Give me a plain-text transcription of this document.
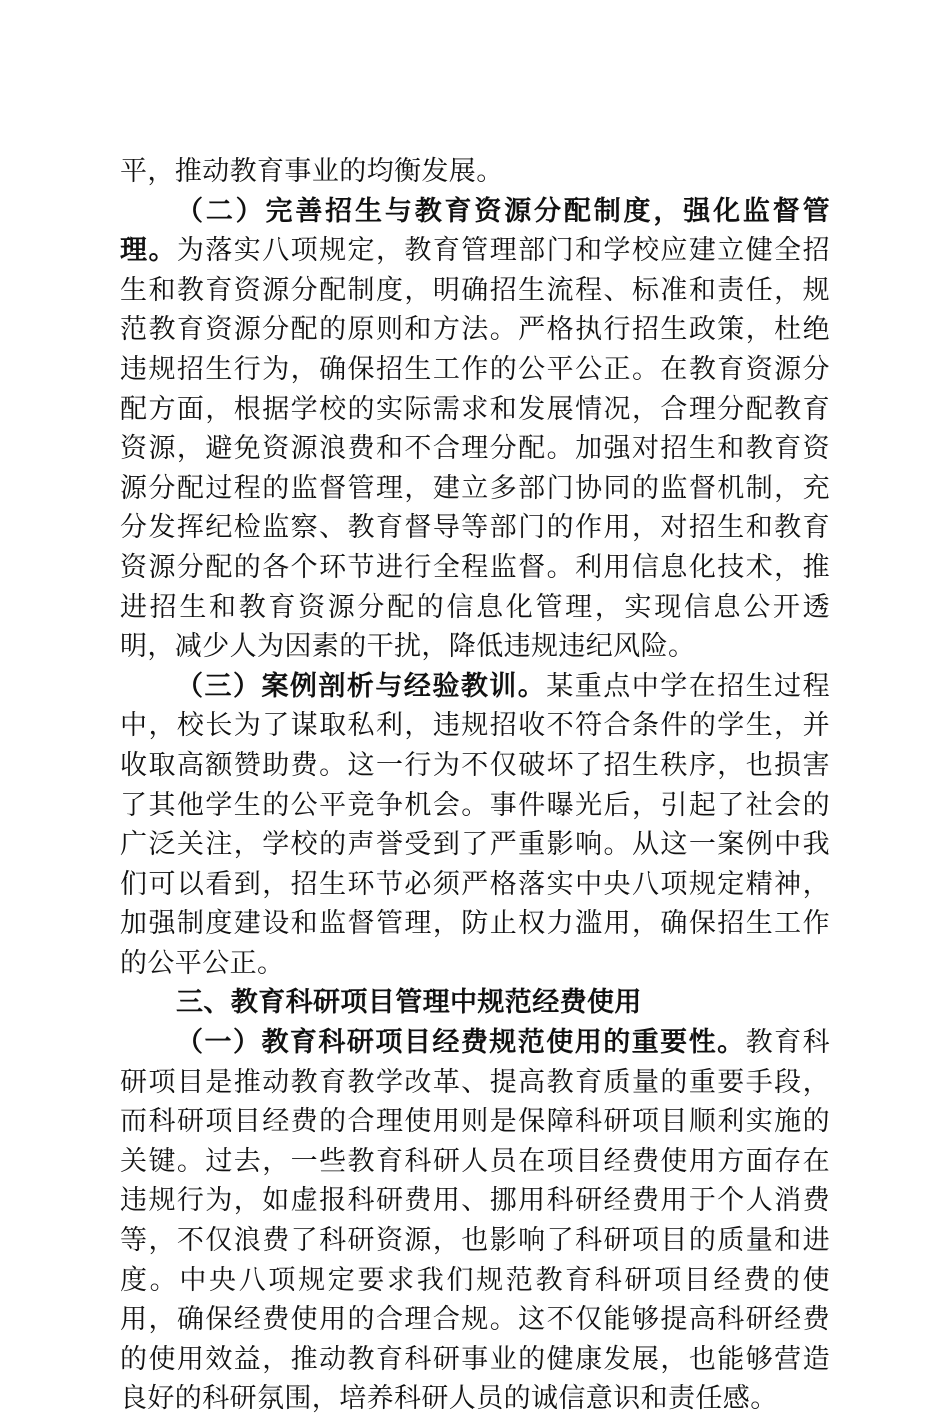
平，推动教育事业的均衡发展。

（二）完善招生与教育资源分配制度，强化监督管理。为落实八项规定，教育管理部门和学校应建立健全招生和教育资源分配制度，明确招生流程、标准和责任，规范教育资源分配的原则和方法。严格执行招生政策，杜绝违规招生行为，确保招生工作的公平公正。在教育资源分配方面，根据学校的实际需求和发展情况，合理分配教育资源，避免资源浪费和不合理分配。加强对招生和教育资源分配过程的监督管理，建立多部门协同的监督机制，充分发挥纪检监察、教育督导等部门的作用，对招生和教育资源分配的各个环节进行全程监督。利用信息化技术，推进招生和教育资源分配的信息化管理，实现信息公开透明，减少人为因素的干扰，降低违规违纪风险。

（三）案例剖析与经验教训。某重点中学在招生过程中，校长为了谋取私利，违规招收不符合条件的学生，并收取高额赞助费。这一行为不仅破坏了招生秩序，也损害了其他学生的公平竞争机会。事件曝光后，引起了社会的广泛关注，学校的声誉受到了严重影响。从这一案例中我们可以看到，招生环节必须严格落实中央八项规定精神，加强制度建设和监督管理，防止权力滥用，确保招生工作的公平公正。

三、教育科研项目管理中规范经费使用

（一）教育科研项目经费规范使用的重要性。教育科研项目是推动教育教学改革、提高教育质量的重要手段，而科研项目经费的合理使用则是保障科研项目顺利实施的关键。过去，一些教育科研人员在项目经费使用方面存在违规行为，如虚报科研费用、挪用科研经费用于个人消费等，不仅浪费了科研资源，也影响了科研项目的质量和进度。中央八项规定要求我们规范教育科研项目经费的使用，确保经费使用的合理合规。这不仅能够提高科研经费的使用效益，推动教育科研事业的健康发展，也能够营造良好的科研氛围，培养科研人员的诚信意识和责任感。
